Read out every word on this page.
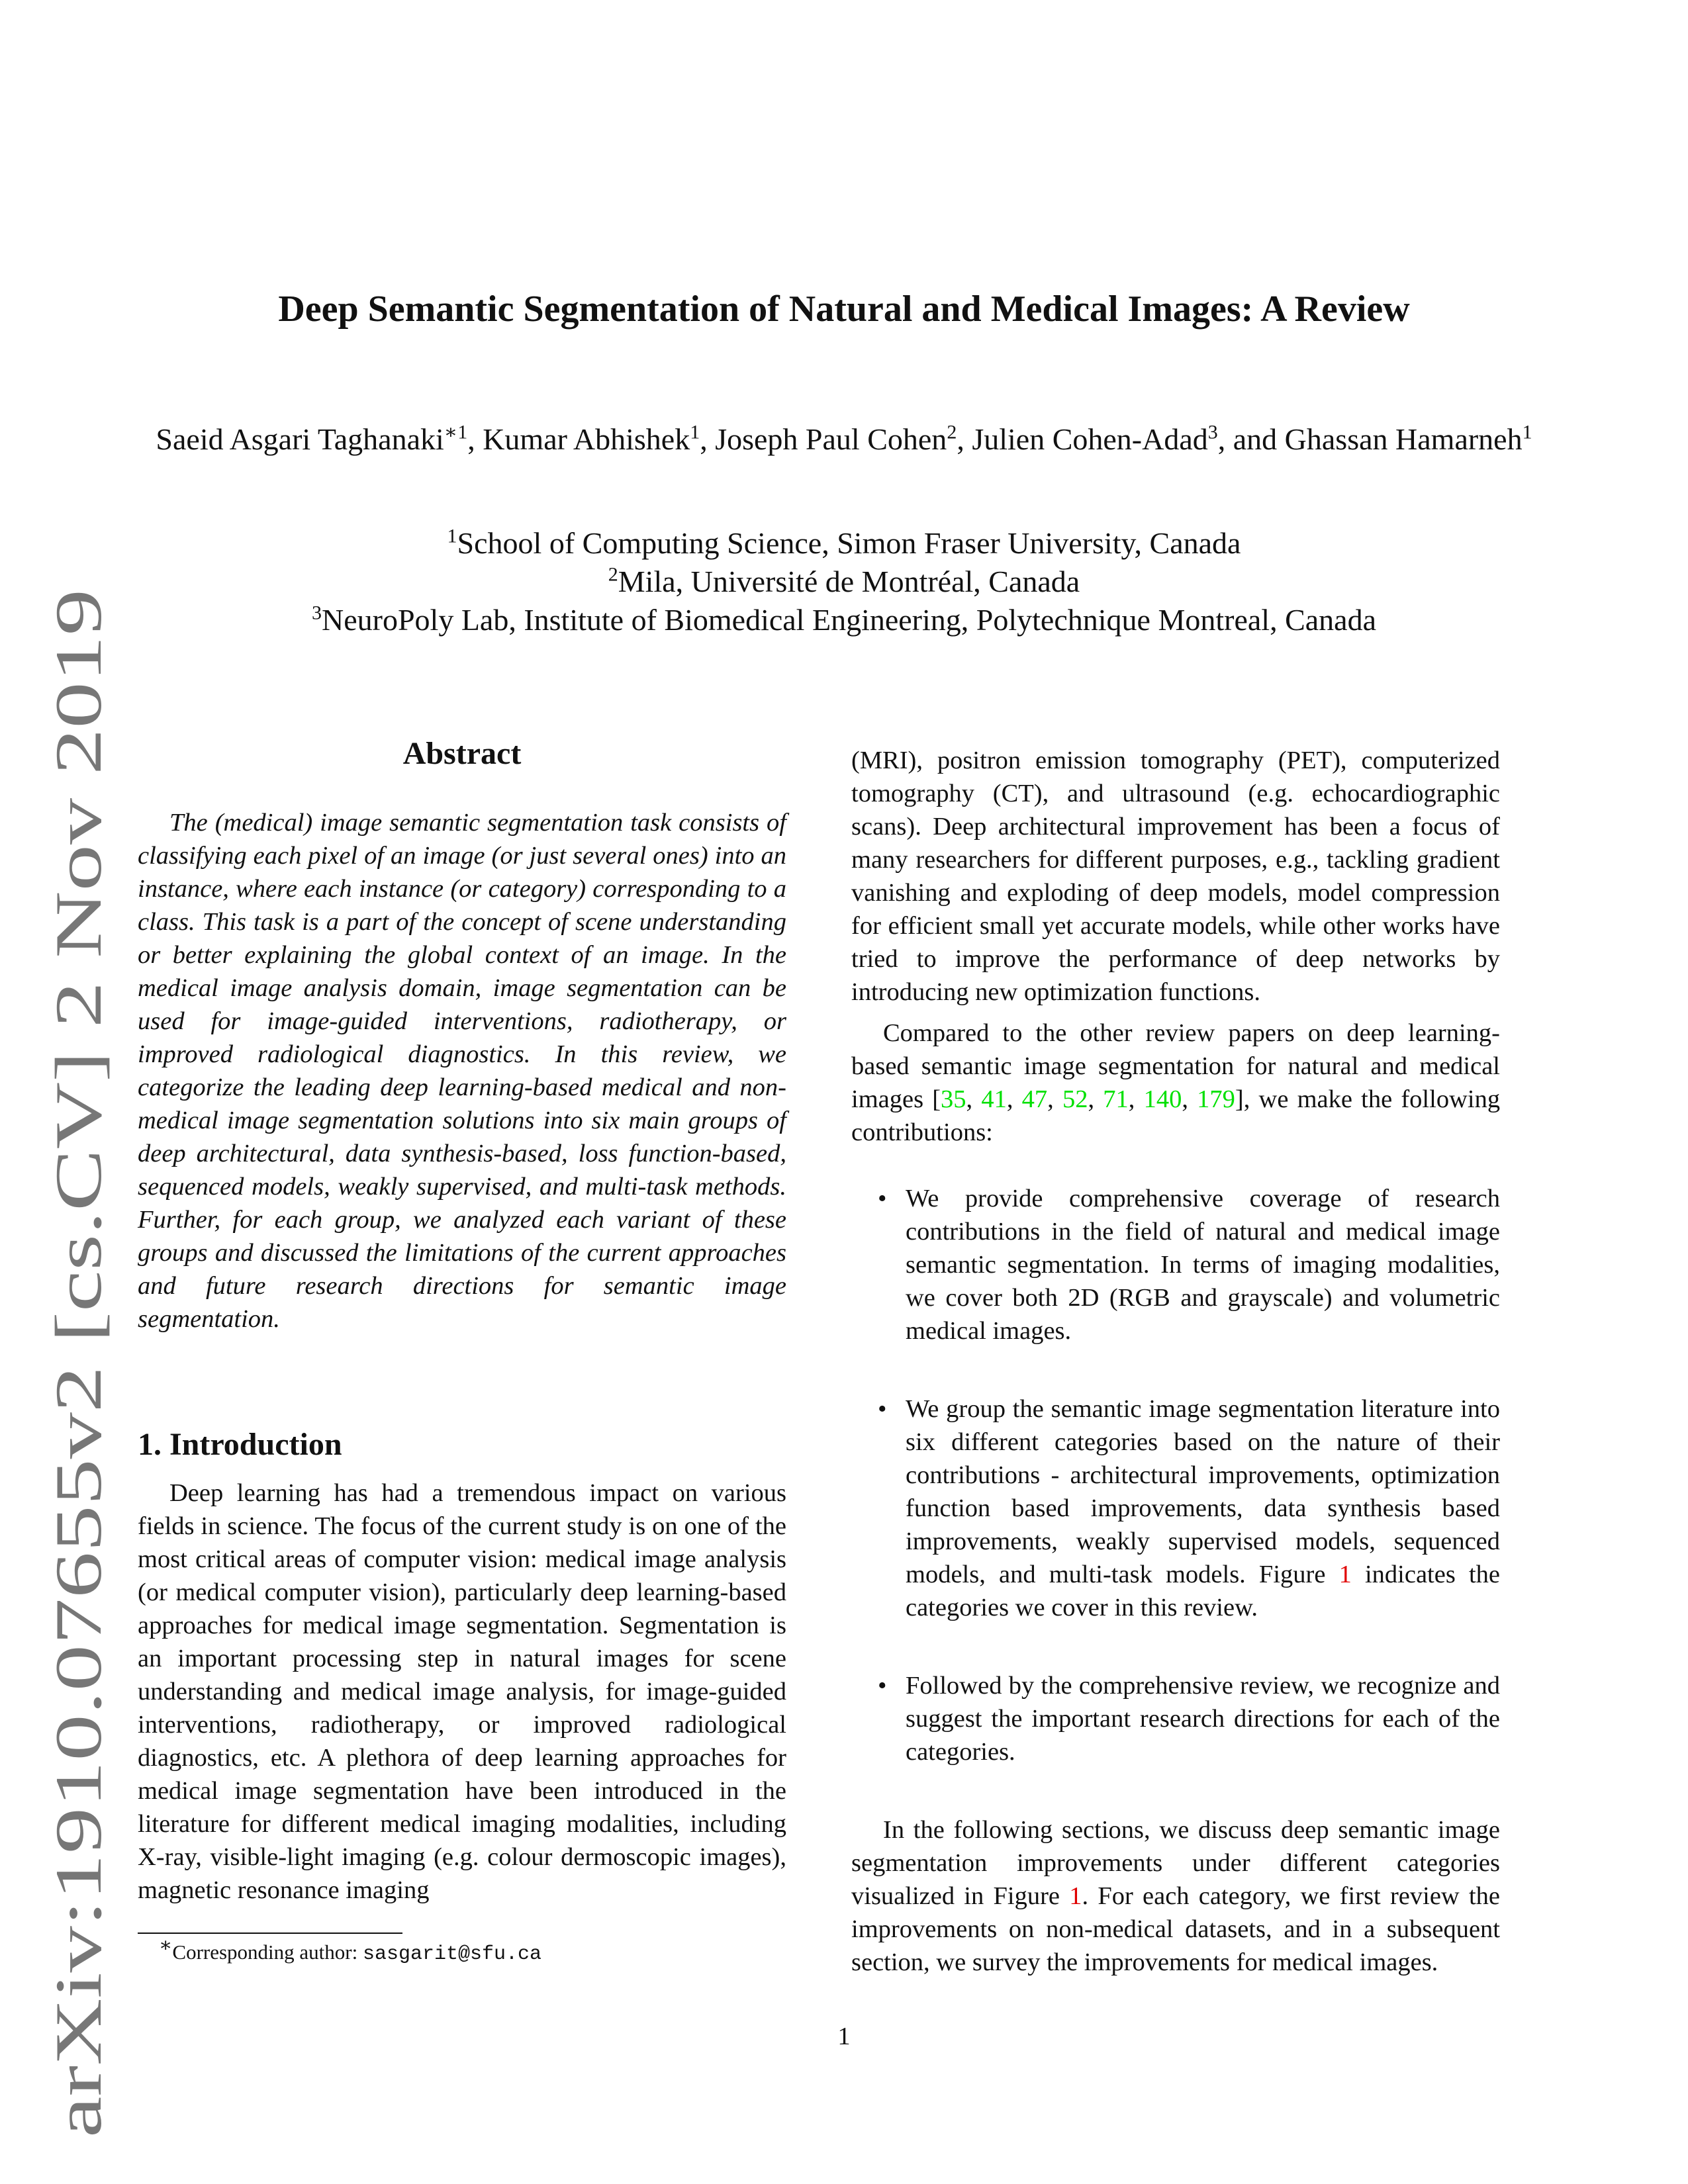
arXiv:1910.07655v2 [cs.CV] 2 Nov 2019
Deep Semantic Segmentation of Natural and Medical Images: A Review
Saeid Asgari Taghanaki$^{∗1}$, Kumar Abhishek$^1$, Joseph Paul Cohen$^2$, Julien Cohen-Adad$^3$, and Ghassan Hamarneh$^1$
$^1$School of Computing Science, Simon Fraser University, Canada
$^2$Mila, Université de Montréal, Canada
$^3$NeuroPoly Lab, Institute of Biomedical Engineering, Polytechnique Montreal, Canada
Abstract

The (medical) image semantic segmentation task consists of classifying each pixel of an image (or just several ones) into an instance, where each instance (or category) corresponding to a class. This task is a part of the concept of scene understanding or better explaining the global context of an image. In the medical image analysis domain, image segmentation can be used for image-guided interventions, radiotherapy, or improved radiological diagnostics. In this review, we categorize the leading deep learning-based medical and non-medical image segmentation solutions into six main groups of deep architectural, data synthesis-based, loss function-based, sequenced models, weakly supervised, and multi-task methods. Further, for each group, we analyzed each variant of these groups and discussed the limitations of the current approaches and future research directions for semantic image segmentation.

1. Introduction

Deep learning has had a tremendous impact on various fields in science. The focus of the current study is on one of the most critical areas of computer vision: medical image analysis (or medical computer vision), particularly deep learning-based approaches for medical image segmentation. Segmentation is an important processing step in natural images for scene understanding and medical image analysis, for image-guided interventions, radiotherapy, or improved radiological diagnostics, etc. A plethora of deep learning approaches for medical image segmentation have been introduced in the literature for different medical imaging modalities, including X-ray, visible-light imaging (e.g. colour dermoscopic images), magnetic resonance imaging

(MRI), positron emission tomography (PET), computerized tomography (CT), and ultrasound (e.g. echocardiographic scans). Deep architectural improvement has been a focus of many researchers for different purposes, e.g., tackling gradient vanishing and exploding of deep models, model compression for efficient small yet accurate models, while other works have tried to improve the performance of deep networks by introducing new optimization functions.

Compared to the other review papers on deep learning-based semantic image segmentation for natural and medical images [35, 41, 47, 52, 71, 140, 179], we make the following contributions:

• We provide comprehensive coverage of research contributions in the field of natural and medical image semantic segmentation. In terms of imaging modalities, we cover both 2D (RGB and grayscale) and volumetric medical images.
• We group the semantic image segmentation literature into six different categories based on the nature of their contributions - architectural improvements, optimization function based improvements, data synthesis based improvements, weakly supervised models, sequenced models, and multi-task models. Figure 1 indicates the categories we cover in this review.
• Followed by the comprehensive review, we recognize and suggest the important research directions for each of the categories.

In the following sections, we discuss deep semantic image segmentation improvements under different categories visualized in Figure 1. For each category, we first review the improvements on non-medical datasets, and in a subsequent section, we survey the improvements for medical images.

∗Corresponding author: sasgarit@sfu.ca
1
